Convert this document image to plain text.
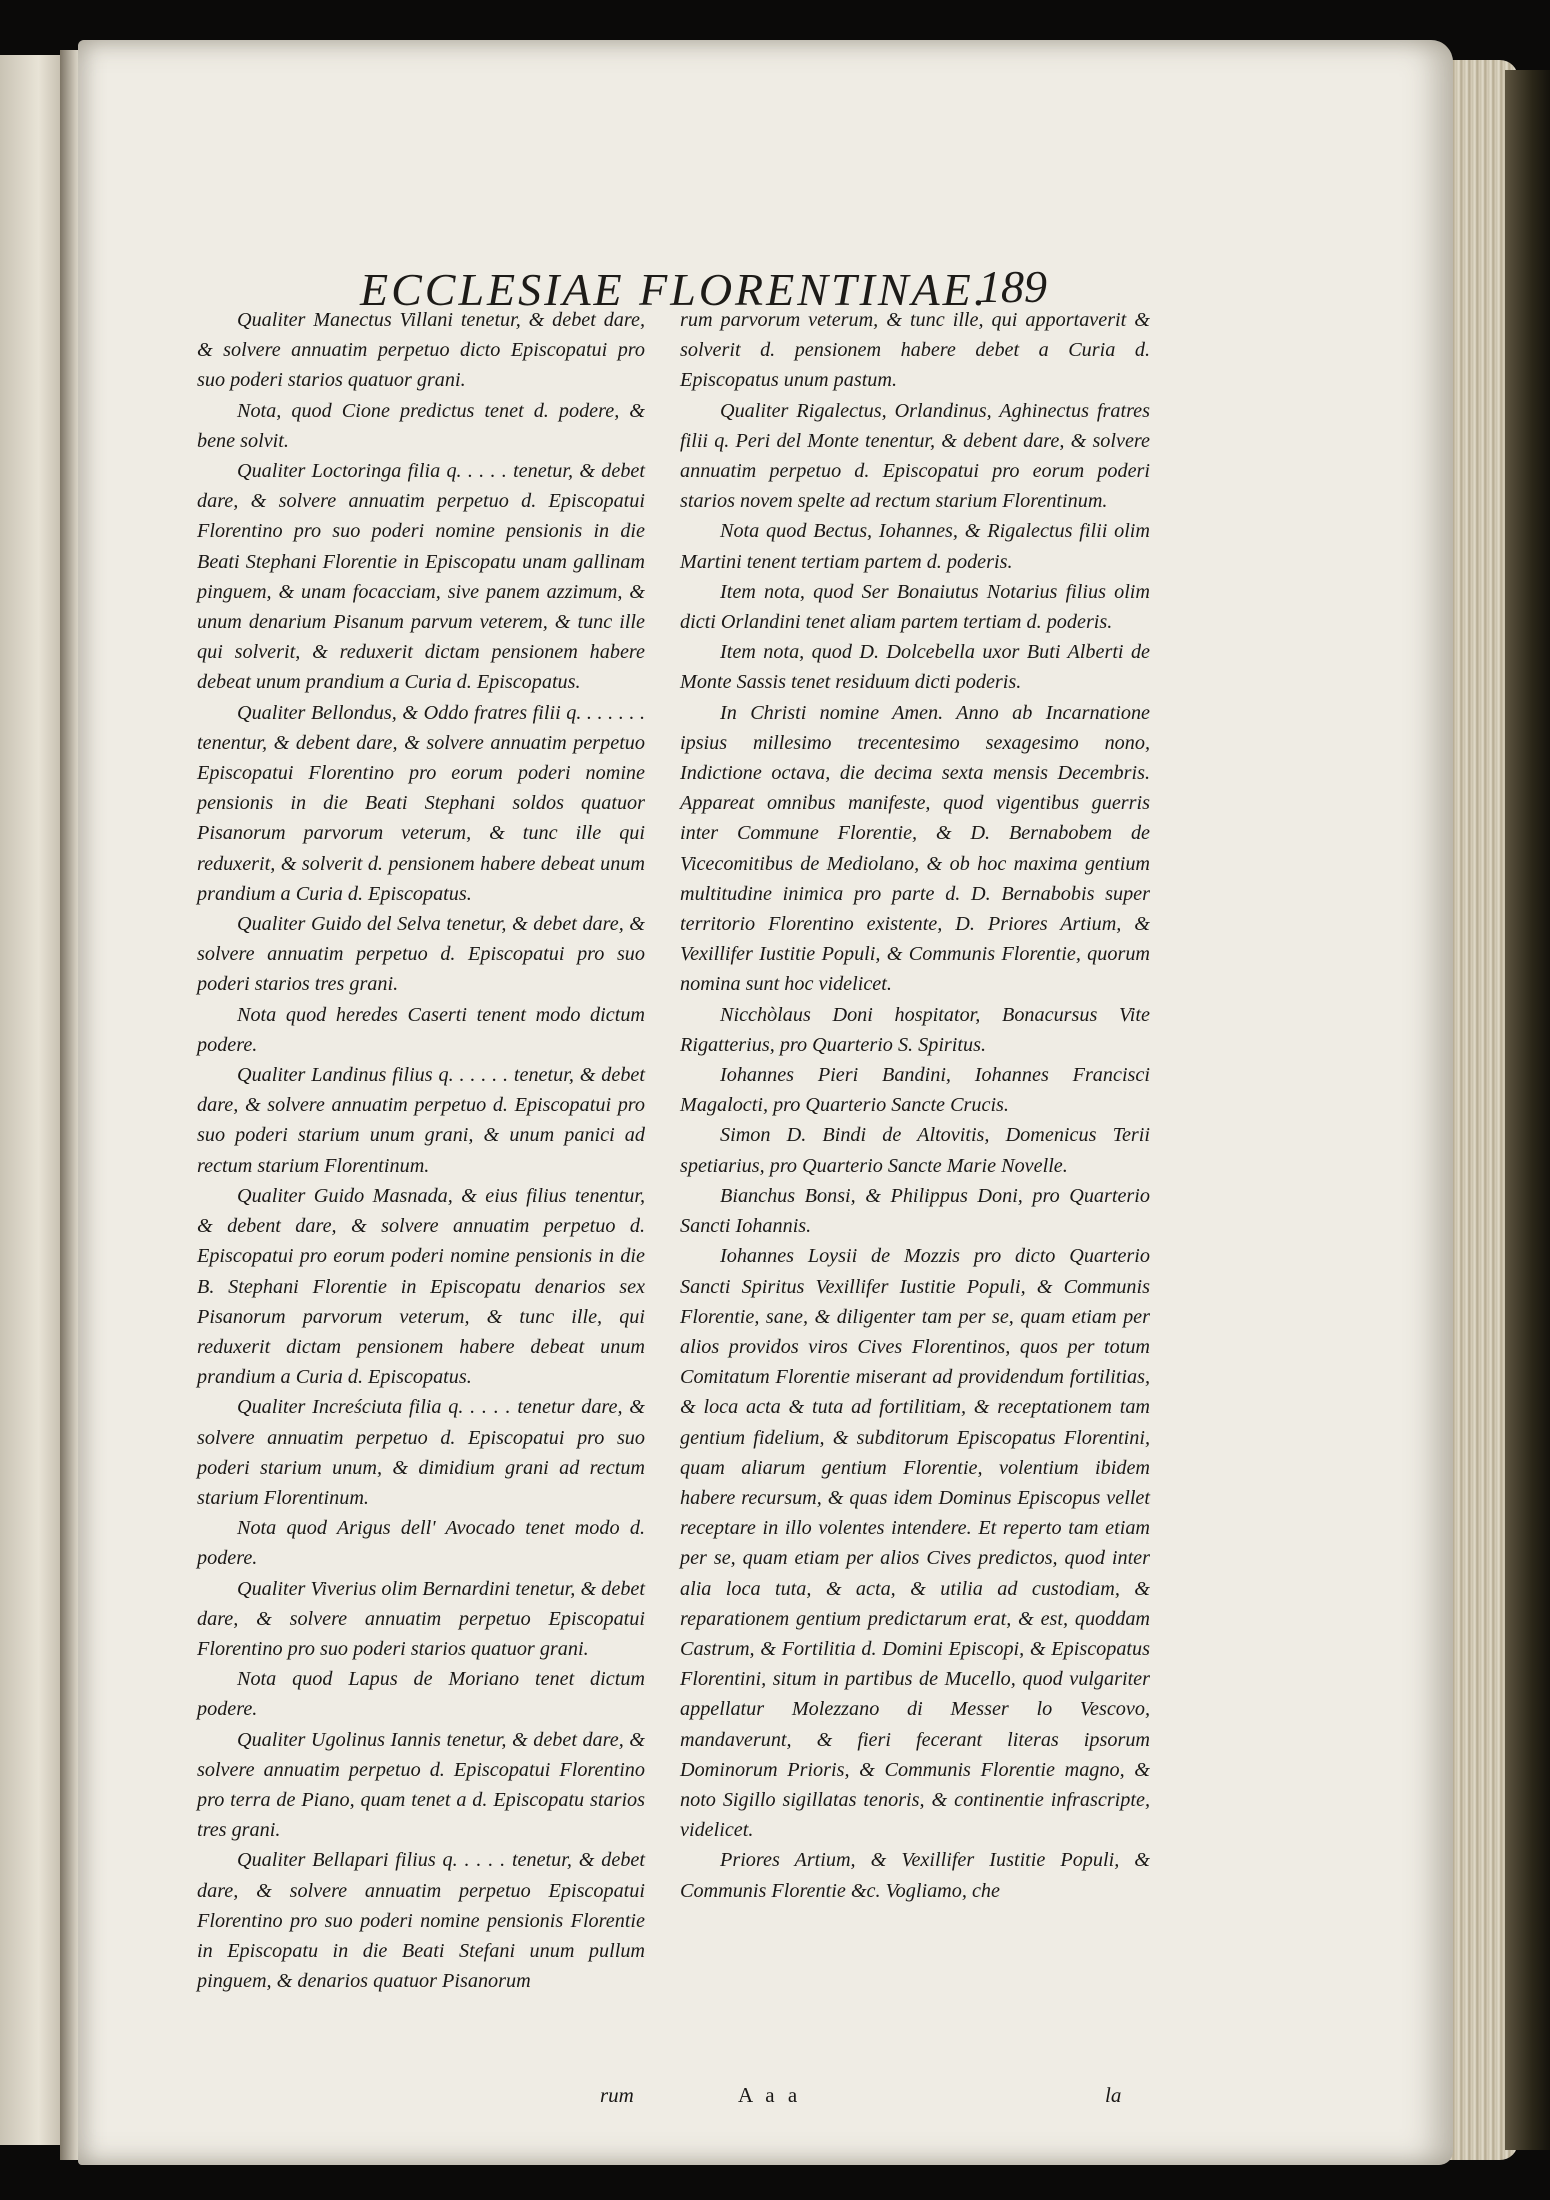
ECCLESIAE FLORENTINAE.
189

Qualiter Manectus Villani tenetur, & debet dare, & solvere annuatim perpetuo dicto Episcopatui pro suo poderi starios quatuor grani.

Nota, quod Cione predictus tenet d. podere, & bene solvit.

Qualiter Loctoringa filia q. . . . . tenetur, & debet dare, & solvere annuatim perpetuo d. Episcopatui Florentino pro suo poderi nomine pensionis in die Beati Stephani Florentie in Episcopatu unam gallinam pinguem, & unam focacciam, sive panem azzimum, & unum denarium Pisanum parvum veterem, & tunc ille qui solverit, & reduxerit dictam pensionem habere debeat unum prandium a Curia d. Episcopatus.

Qualiter Bellondus, & Oddo fratres filii q. . . . . . . tenentur, & debent dare, & solvere annuatim perpetuo Episcopatui Florentino pro eorum poderi nomine pensionis in die Beati Stephani soldos quatuor Pisanorum parvorum veterum, & tunc ille qui reduxerit, & solverit d. pensionem habere debeat unum prandium a Curia d. Episcopatus.

Qualiter Guido del Selva tenetur, & debet dare, & solvere annuatim perpetuo d. Episcopatui pro suo poderi starios tres grani.

Nota quod heredes Caserti tenent modo dictum podere.

Qualiter Landinus filius q. . . . . . tenetur, & debet dare, & solvere annuatim perpetuo d. Episcopatui pro suo poderi starium unum grani, & unum panici ad rectum starium Florentinum.

Qualiter Guido Masnada, & eius filius tenentur, & debent dare, & solvere annuatim perpetuo d. Episcopatui pro eorum poderi nomine pensionis in die B. Stephani Florentie in Episcopatu denarios sex Pisanorum parvorum veterum, & tunc ille, qui reduxerit dictam pensionem habere debeat unum prandium a Curia d. Episcopatus.

Qualiter Increściuta filia q. . . . . tenetur dare, & solvere annuatim perpetuo d. Episcopatui pro suo poderi starium unum, & dimidium grani ad rectum starium Florentinum.

Nota quod Arigus dell' Avocado tenet modo d. podere.

Qualiter Viverius olim Bernardini tenetur, & debet dare, & solvere annuatim perpetuo Episcopatui Florentino pro suo poderi starios quatuor grani.

Nota quod Lapus de Moriano tenet dictum podere.

Qualiter Ugolinus Iannis tenetur, & debet dare, & solvere annuatim perpetuo d. Episcopatui Florentino pro terra de Piano, quam tenet a d. Episcopatu starios tres grani.

Qualiter Bellapari filius q. . . . . tenetur, & debet dare, & solvere annuatim perpetuo Episcopatui Florentino pro suo poderi nomine pensionis Florentie in Episcopatu in die Beati Stefani unum pullum pinguem, & denarios quatuor Pisanorum

rum parvorum veterum, & tunc ille, qui apportaverit & solverit d. pensionem habere debet a Curia d. Episcopatus unum pastum.

Qualiter Rigalectus, Orlandinus, Aghinectus fratres filii q. Peri del Monte tenentur, & debent dare, & solvere annuatim perpetuo d. Episcopatui pro eorum poderi starios novem spelte ad rectum starium Florentinum.

Nota quod Bectus, Iohannes, & Rigalectus filii olim Martini tenent tertiam partem d. poderis.

Item nota, quod Ser Bonaiutus Notarius filius olim dicti Orlandini tenet aliam partem tertiam d. poderis.

Item nota, quod D. Dolcebella uxor Buti Alberti de Monte Sassis tenet residuum dicti poderis.

In Christi nomine Amen. Anno ab Incarnatione ipsius millesimo trecentesimo sexagesimo nono, Indictione octava, die decima sexta mensis Decembris. Appareat omnibus manifeste, quod vigentibus guerris inter Commune Florentie, & D. Bernabobem de Vicecomitibus de Mediolano, & ob hoc maxima gentium multitudine inimica pro parte d. D. Bernabobis super territorio Florentino existente, D. Priores Artium, & Vexillifer Iustitie Populi, & Communis Florentie, quorum nomina sunt hoc videlicet.

Nicchòlaus Doni hospitator, Bonacursus Vite Rigatterius, pro Quarterio S. Spiritus.

Iohannes Pieri Bandini, Iohannes Francisci Magalocti, pro Quarterio Sancte Crucis.

Simon D. Bindi de Altovitis, Domenicus Terii spetiarius, pro Quarterio Sancte Marie Novelle.

Bianchus Bonsi, & Philippus Doni, pro Quarterio Sancti Iohannis.

Iohannes Loysii de Mozzis pro dicto Quarterio Sancti Spiritus Vexillifer Iustitie Populi, & Communis Florentie, sane, & diligenter tam per se, quam etiam per alios providos viros Cives Florentinos, quos per totum Comitatum Florentie miserant ad providendum fortilitias, & loca acta & tuta ad fortilitiam, & receptationem tam gentium fidelium, & subditorum Episcopatus Florentini, quam aliarum gentium Florentie, volentium ibidem habere recursum, & quas idem Dominus Episcopus vellet receptare in illo volentes intendere. Et reperto tam etiam per se, quam etiam per alios Cives predictos, quod inter alia loca tuta, & acta, & utilia ad custodiam, & reparationem gentium predictarum erat, & est, quoddam Castrum, & Fortilitia d. Domini Episcopi, & Episcopatus Florentini, situm in partibus de Mucello, quod vulgariter appellatur Molezzano di Messer lo Vescovo, mandaverunt, & fieri fecerant literas ipsorum Dominorum Prioris, & Communis Florentie magno, & noto Sigillo sigillatas tenoris, & continentie infrascripte, videlicet.

Priores Artium, & Vexillifer Iustitie Populi, & Communis Florentie &c. Vogliamo, che

rum	A a a	la
